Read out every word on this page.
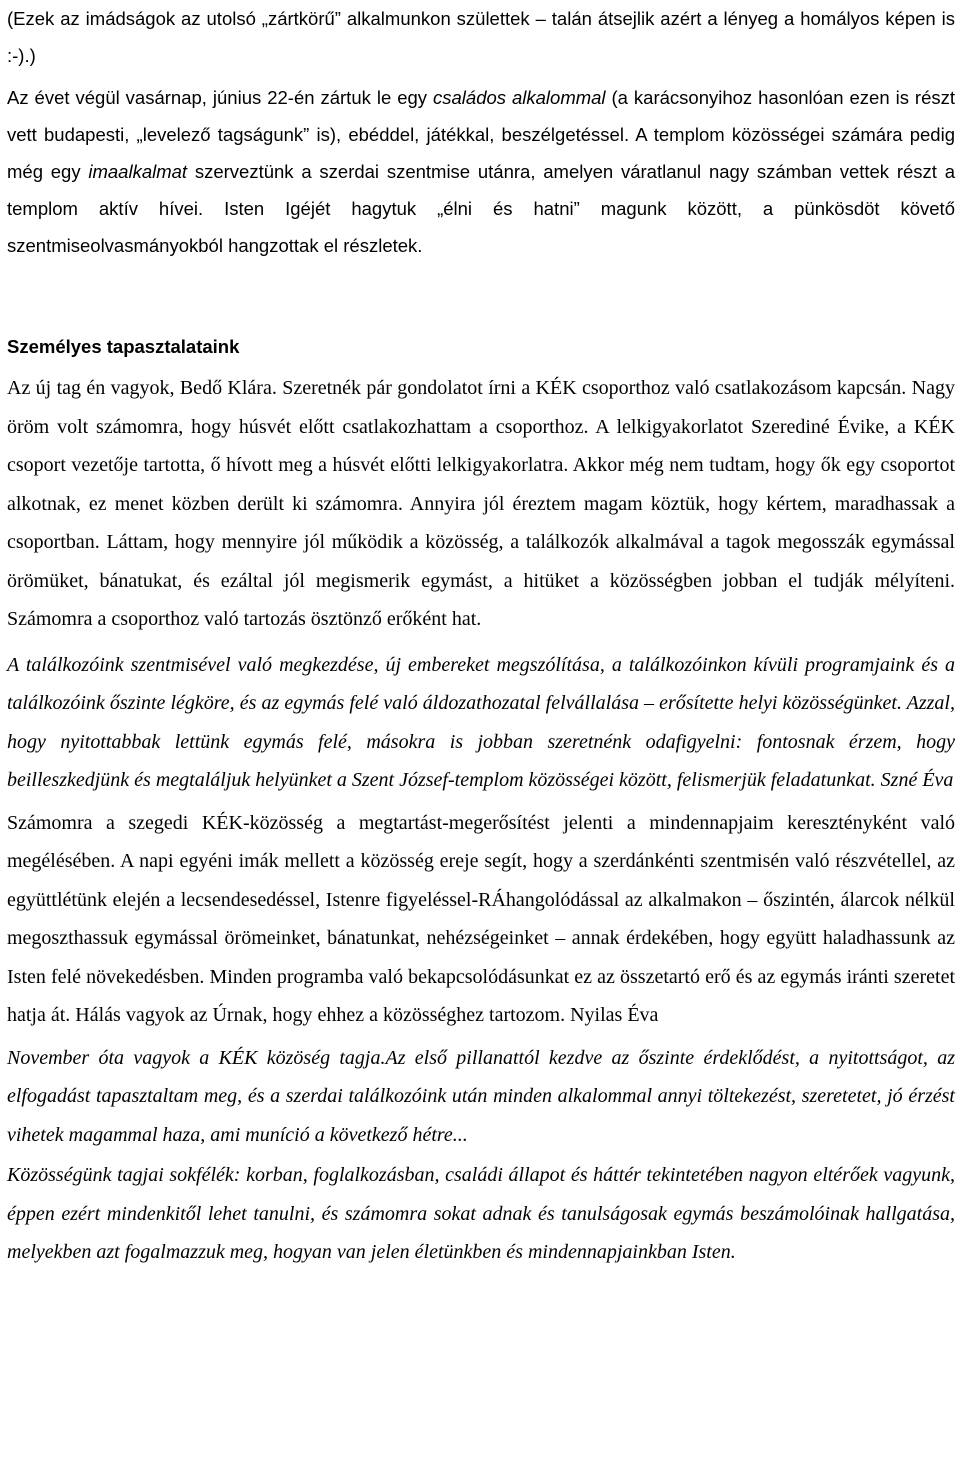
(Ezek az imádságok az utolsó „zártkörű” alkalmunkon születtek – talán átsejlik azért a lényeg a homályos képen is :-).)

Az évet végül vasárnap, június 22-én zártuk le egy családos alkalommal (a karácsonyihoz hasonlóan ezen is részt vett budapesti, „levelező tagságunk” is), ebéddel, játékkal, beszélgetéssel. A templom közösségei számára pedig még egy imaalkalmat szerveztünk a szerdai szentmise utánra, amelyen váratlanul nagy számban vettek részt a templom aktív hívei. Isten Igéjét hagytuk „élni és hatni” magunk között, a pünkösdöt követő szentmiseolvasmányokból hangzottak el részletek.

Személyes tapasztalataink

Az új tag én vagyok, Bedő Klára. Szeretnék pár gondolatot írni a KÉK csoporthoz való csatlakozásom kapcsán. Nagy öröm volt számomra, hogy húsvét előtt csatlakozhattam a csoporthoz. A lelkigyakorlatot Szerediné Évike, a KÉK csoport vezetője tartotta, ő hívott meg a húsvét előtti lelkigyakorlatra. Akkor még nem tudtam, hogy ők egy csoportot alkotnak, ez menet közben derült ki számomra. Annyira jól éreztem magam köztük, hogy kértem, maradhassak a csoportban. Láttam, hogy mennyire jól működik a közösség, a találkozók alkalmával a tagok megosszák egymással örömüket, bánatukat, és ezáltal jól megismerik egymást, a hitüket a közösségben jobban el tudják mélyíteni. Számomra a csoporthoz való tartozás ösztönző erőként hat.

A találkozóink szentmisével való megkezdése, új embereket megszólítása, a találkozóinkon kívüli programjaink és a találkozóink őszinte légköre, és az egymás felé való áldozathozatal felvállalása – erősítette helyi közösségünket. Azzal, hogy nyitottabbak lettünk egymás felé, másokra is jobban szeretnénk odafigyelni: fontosnak érzem, hogy beilleszkedjünk és megtaláljuk helyünket a Szent József-templom közösségei között, felismerjük feladatunkat. Szné Éva

Számomra a szegedi KÉK-közösség a megtartást-megerősítést jelenti a mindennapjaim keresztényként való megélésében. A napi egyéni imák mellett a közösség ereje segít, hogy a szerdánkénti szentmisén való részvétellel, az együttlétünk elején a lecsendesedéssel, Istenre figyeléssel-RÁhangolódással az alkalmakon – őszintén, álarcok nélkül megoszthassuk egymással örömeinket, bánatunkat, nehézségeinket – annak érdekében, hogy együtt haladhassunk az Isten felé növekedésben. Minden programba való bekapcsolódásunkat ez az összetartó erő és az egymás iránti szeretet hatja át. Hálás vagyok az Úrnak, hogy ehhez a közösséghez tartozom. Nyilas Éva

November óta vagyok a KÉK közöség tagja.Az első pillanattól kezdve az őszinte érdeklődést, a nyitottságot, az elfogadást tapasztaltam meg, és a szerdai találkozóink után minden alkalommal annyi töltekezést, szeretetet, jó érzést vihetek magammal haza, ami muníció a következő hétre...

Közösségünk tagjai sokfélék: korban, foglalkozásban, családi állapot és háttér tekintetében nagyon eltérőek vagyunk, éppen ezért mindenkitől lehet tanulni, és számomra sokat adnak és tanulságosak egymás beszámolóinak hallgatása, melyekben azt fogalmazzuk meg, hogyan van jelen életünkben és mindennapjainkban Isten.
